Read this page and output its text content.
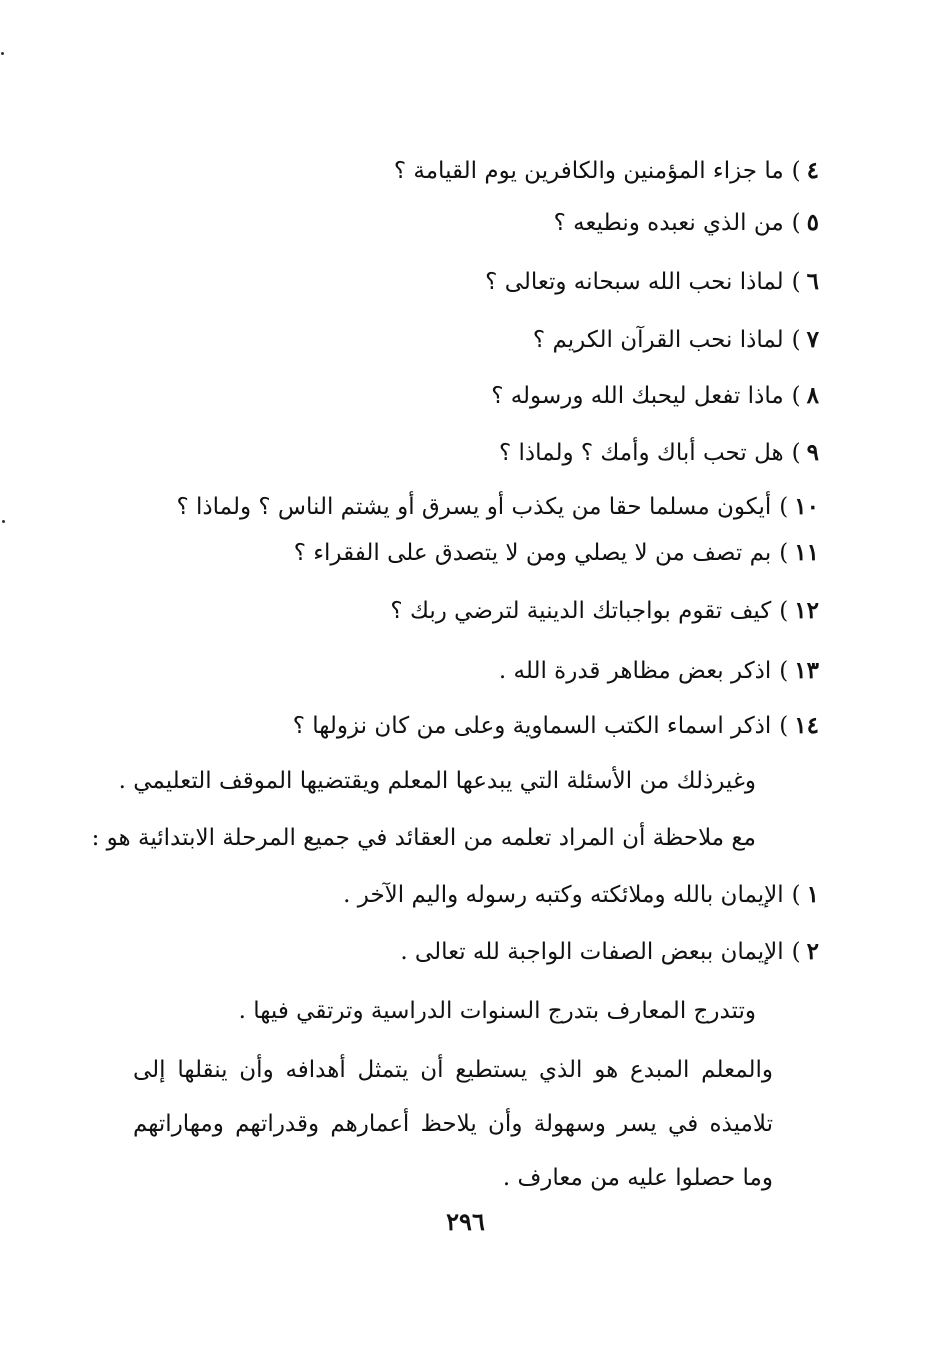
٤)ما جزاء المؤمنين والكافرين يوم القيامة ؟
٥)من الذي نعبده ونطيعه ؟
٦)لماذا نحب الله سبحانه وتعالى ؟
٧)لماذا نحب القرآن الكريم ؟
٨)ماذا تفعل ليحبك الله ورسوله ؟
٩)هل تحب أباك وأمك ؟ ولماذا ؟
١٠)أيكون مسلما حقا من يكذب أو يسرق أو يشتم الناس ؟ ولماذا ؟
١١)بم تصف من لا يصلي ومن لا يتصدق على الفقراء ؟
١٢)كيف تقوم بواجباتك الدينية لترضي ربك ؟
١٣)اذكر بعض مظاهر قدرة الله .
١٤)اذكر اسماء الكتب السماوية وعلى من كان نزولها ؟
وغيرذلك من الأسئلة التي يبدعها المعلم ويقتضيها الموقف التعليمي .
مع ملاحظة أن المراد تعلمه من العقائد في جميع المرحلة الابتدائية هو :
١)الإيمان بالله وملائكته وكتبه رسوله واليم الآخر .
٢)الإيمان ببعض الصفات الواجبة لله تعالى .
وتتدرج المعارف بتدرج السنوات الدراسية وترتقي فيها .
والمعلم المبدع هو الذي يستطيع أن يتمثل أهدافه وأن ينقلها إلى تلاميذه في يسر وسهولة وأن يلاحظ أعمارهم وقدراتهم ومهاراتهم وما حصلوا عليه من معارف .
٢٩٦
